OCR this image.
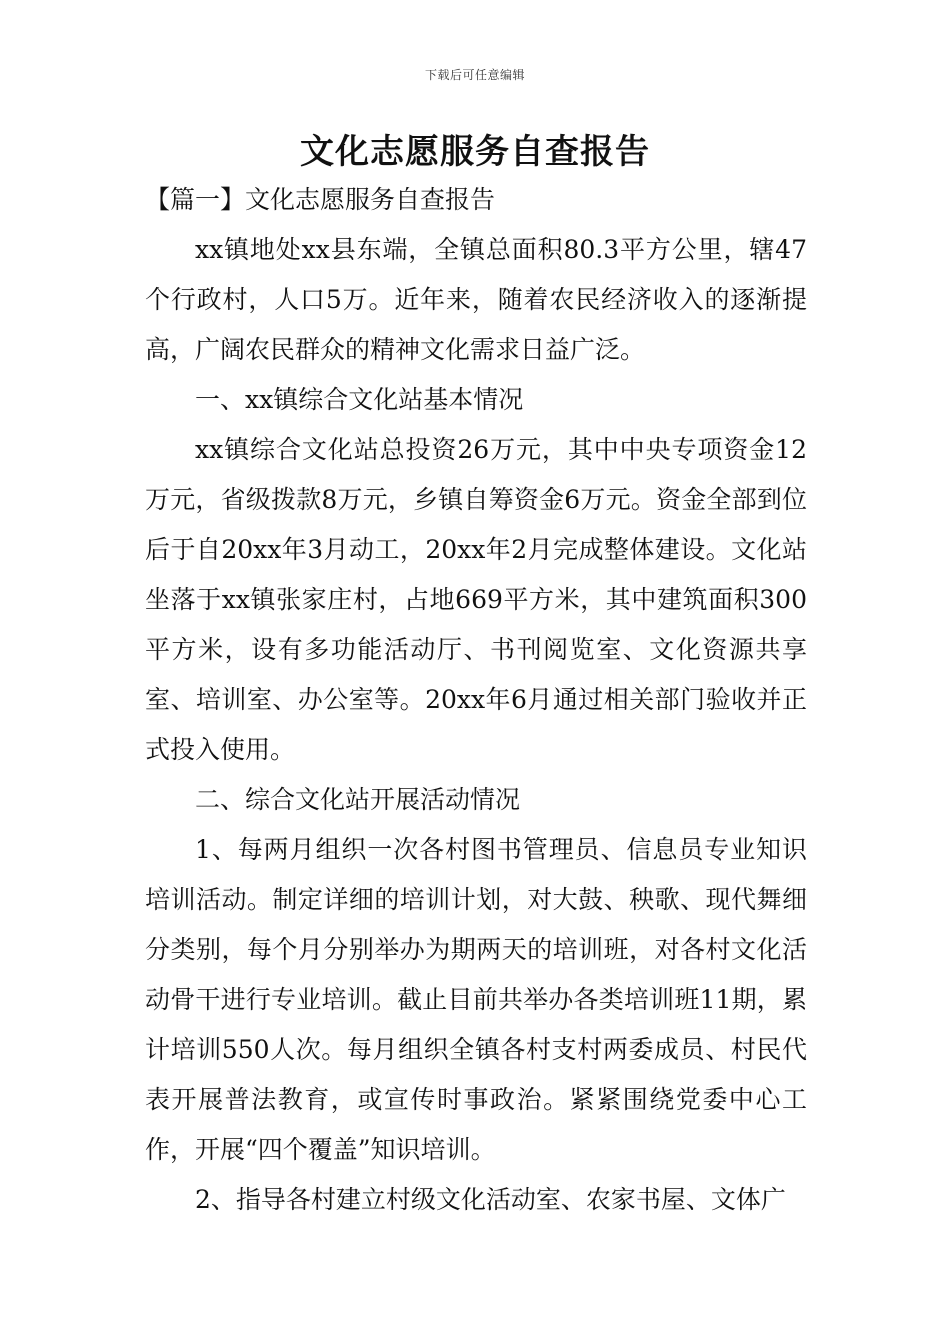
下载后可任意编辑
文化志愿服务自查报告

【篇一】文化志愿服务自查报告

xx镇地处xx县东端，全镇总面积80.3平方公里，辖47个行政村，人口5万。近年来，随着农民经济收入的逐渐提高，广阔农民群众的精神文化需求日益广泛。

一、xx镇综合文化站基本情况

xx镇综合文化站总投资26万元，其中中央专项资金12万元，省级拨款8万元，乡镇自筹资金6万元。资金全部到位后于自20xx年3月动工，20xx年2月完成整体建设。文化站坐落于xx镇张家庄村，占地669平方米，其中建筑面积300平方米，设有多功能活动厅、书刊阅览室、文化资源共享室、培训室、办公室等。20xx年6月通过相关部门验收并正式投入使用。

二、综合文化站开展活动情况

1、每两月组织一次各村图书管理员、信息员专业知识培训活动。制定详细的培训计划，对大鼓、秧歌、现代舞细分类别，每个月分别举办为期两天的培训班，对各村文化活动骨干进行专业培训。截止目前共举办各类培训班11期，累计培训550人次。每月组织全镇各村支村两委成员、村民代表开展普法教育，或宣传时事政治。紧紧围绕党委中心工作，开展“四个覆盖”知识培训。

2、指导各村建立村级文化活动室、农家书屋、文体广
